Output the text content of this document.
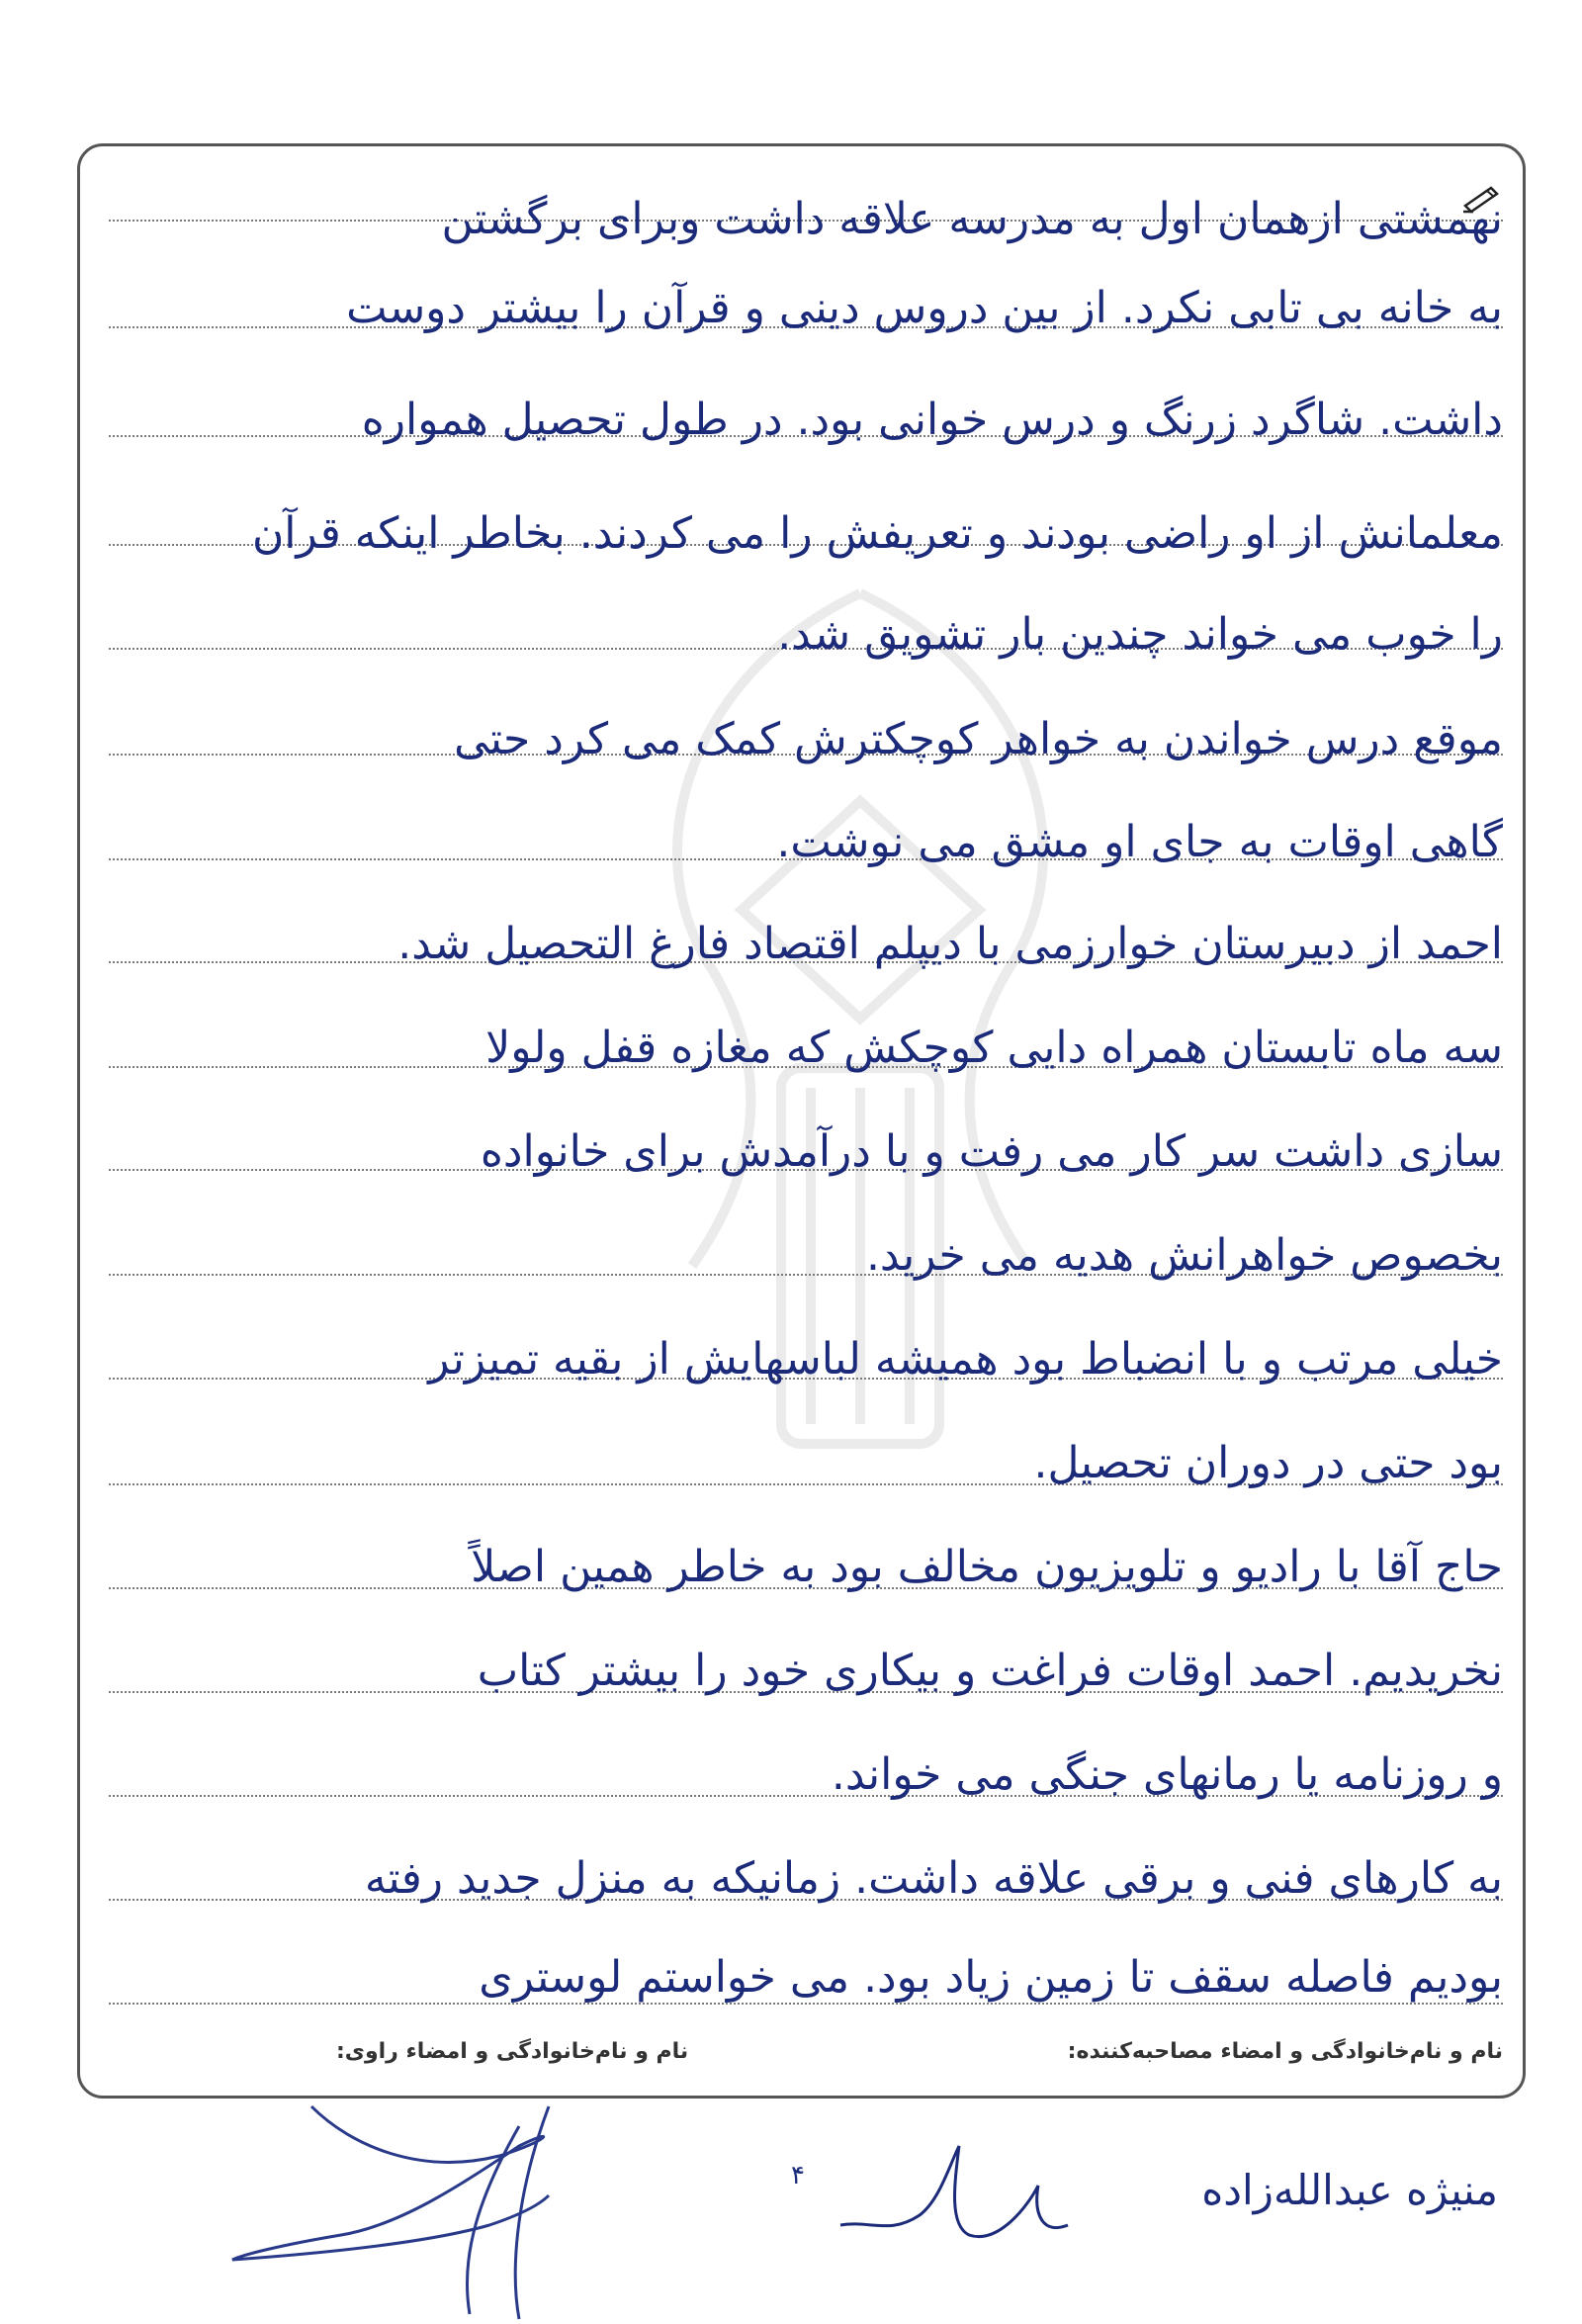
نهمشتی ازهمان اول به مدرسه علاقه داشت وبرای برگشتن
به خانه بی تابی نکرد. از بین دروس دینی و قرآن را بیشتر دوست
داشت. شاگرد زرنگ و درس خوانی بود. در طول تحصیل همواره
معلمانش از او راضی بودند و تعریفش را می کردند. بخاطر اینکه قرآن
را خوب می خواند چندین بار تشویق شد.
موقع درس خواندن به خواهر کوچکترش کمک می کرد حتی
گاهی اوقات به جای او مشق می نوشت.
احمد از دبیرستان خوارزمی با دیپلم اقتصاد فارغ التحصیل شد.
سه ماه تابستان همراه دایی کوچکش که مغازه قفل ولولا
سازی داشت سر کار می رفت و با درآمدش برای خانواده
بخصوص خواهرانش هدیه می خرید.
خیلی مرتب و با انضباط بود همیشه لباسهایش از بقیه تمیزتر
بود حتی در دوران تحصیل.
حاج آقا با رادیو و تلویزیون مخالف بود به خاطر همین اصلاً
نخریدیم. احمد اوقات فراغت و بیکاری خود را بیشتر کتاب
و روزنامه یا رمانهای جنگی می خواند.
به کارهای فنی و برقی علاقه داشت. زمانیکه به منزل جدید رفته
بودیم فاصله سقف تا زمین زیاد بود. می خواستم لوستری
نام و نام‌خانوادگی و امضاء مصاحبه‌کننده:
نام و نام‌خانوادگی و امضاء راوی:
۴	منیژه عبدالله‌زاده
